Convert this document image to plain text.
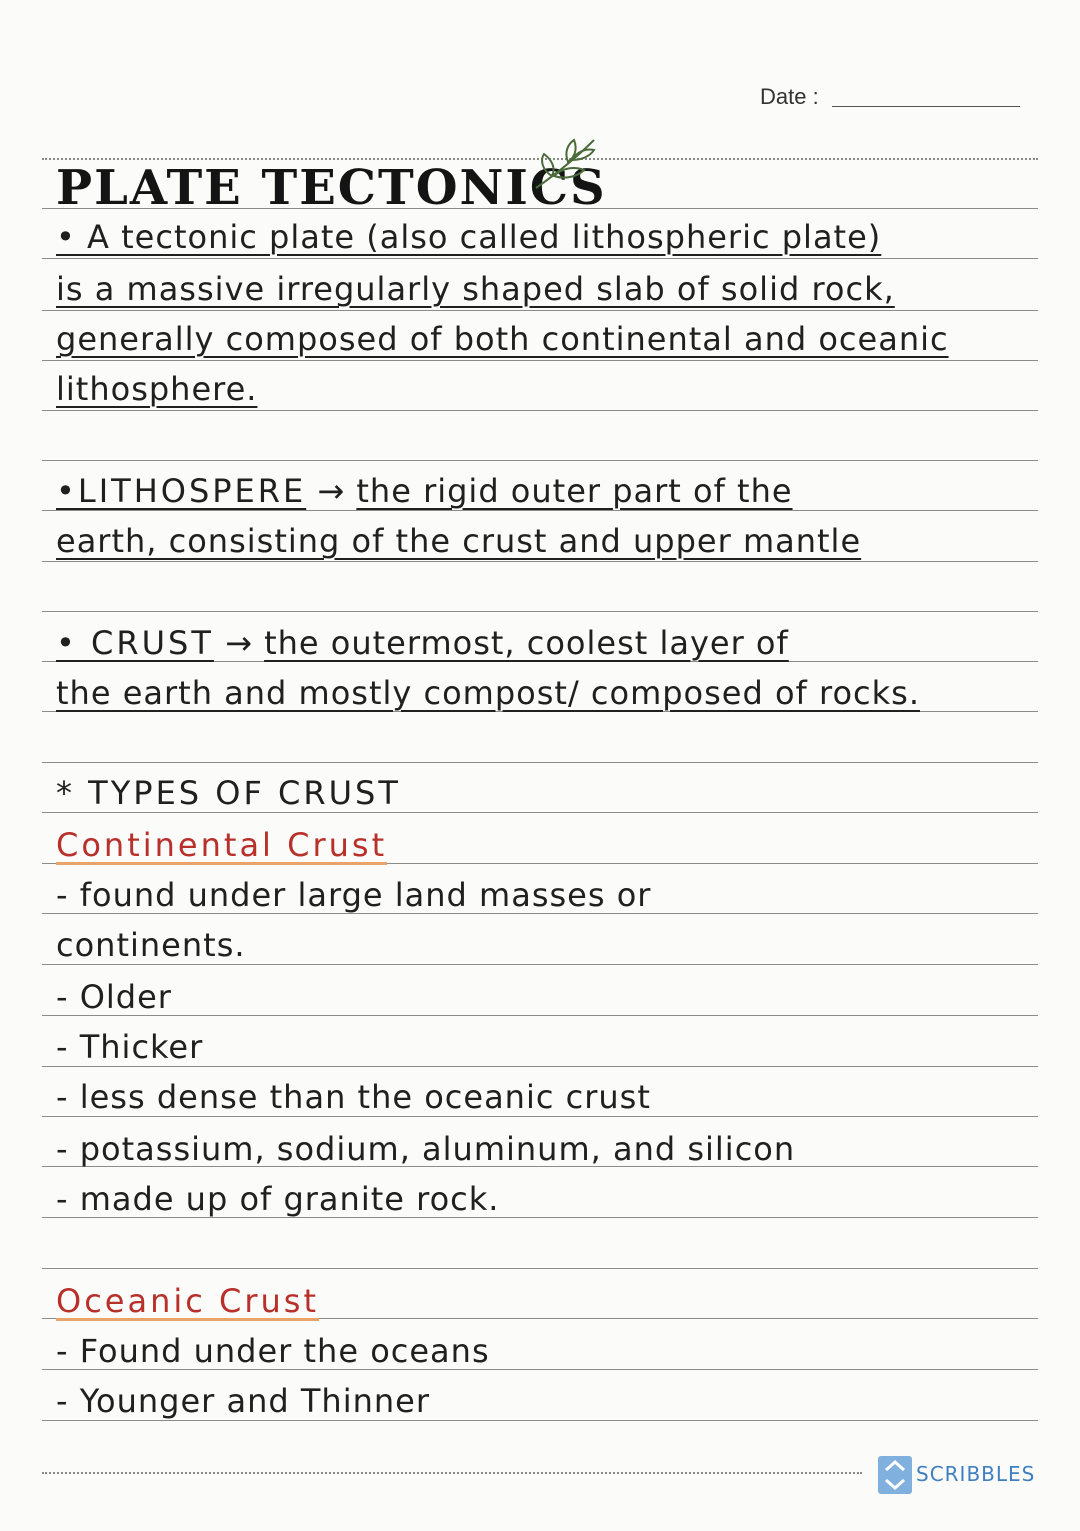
Date :
PLATE TECTONICS
• A tectonic plate (also called lithospheric plate)
is a massive irregularly shaped slab of solid rock,
generally composed of both continental and oceanic
lithosphere.
•LITHOSPERE → the rigid outer part of the
earth, consisting of the crust and upper mantle
• CRUST → the outermost, coolest layer of
the earth and mostly compost/ composed of rocks.
* TYPES OF CRUST
Continental Crust
- found under large land masses or
continents.
- Older
- Thicker
- less dense than the oceanic crust
- potassium, sodium, aluminum, and silicon
- made up of granite rock.
Oceanic Crust
- Found under the oceans
- Younger and Thinner
SCRIBBLES
